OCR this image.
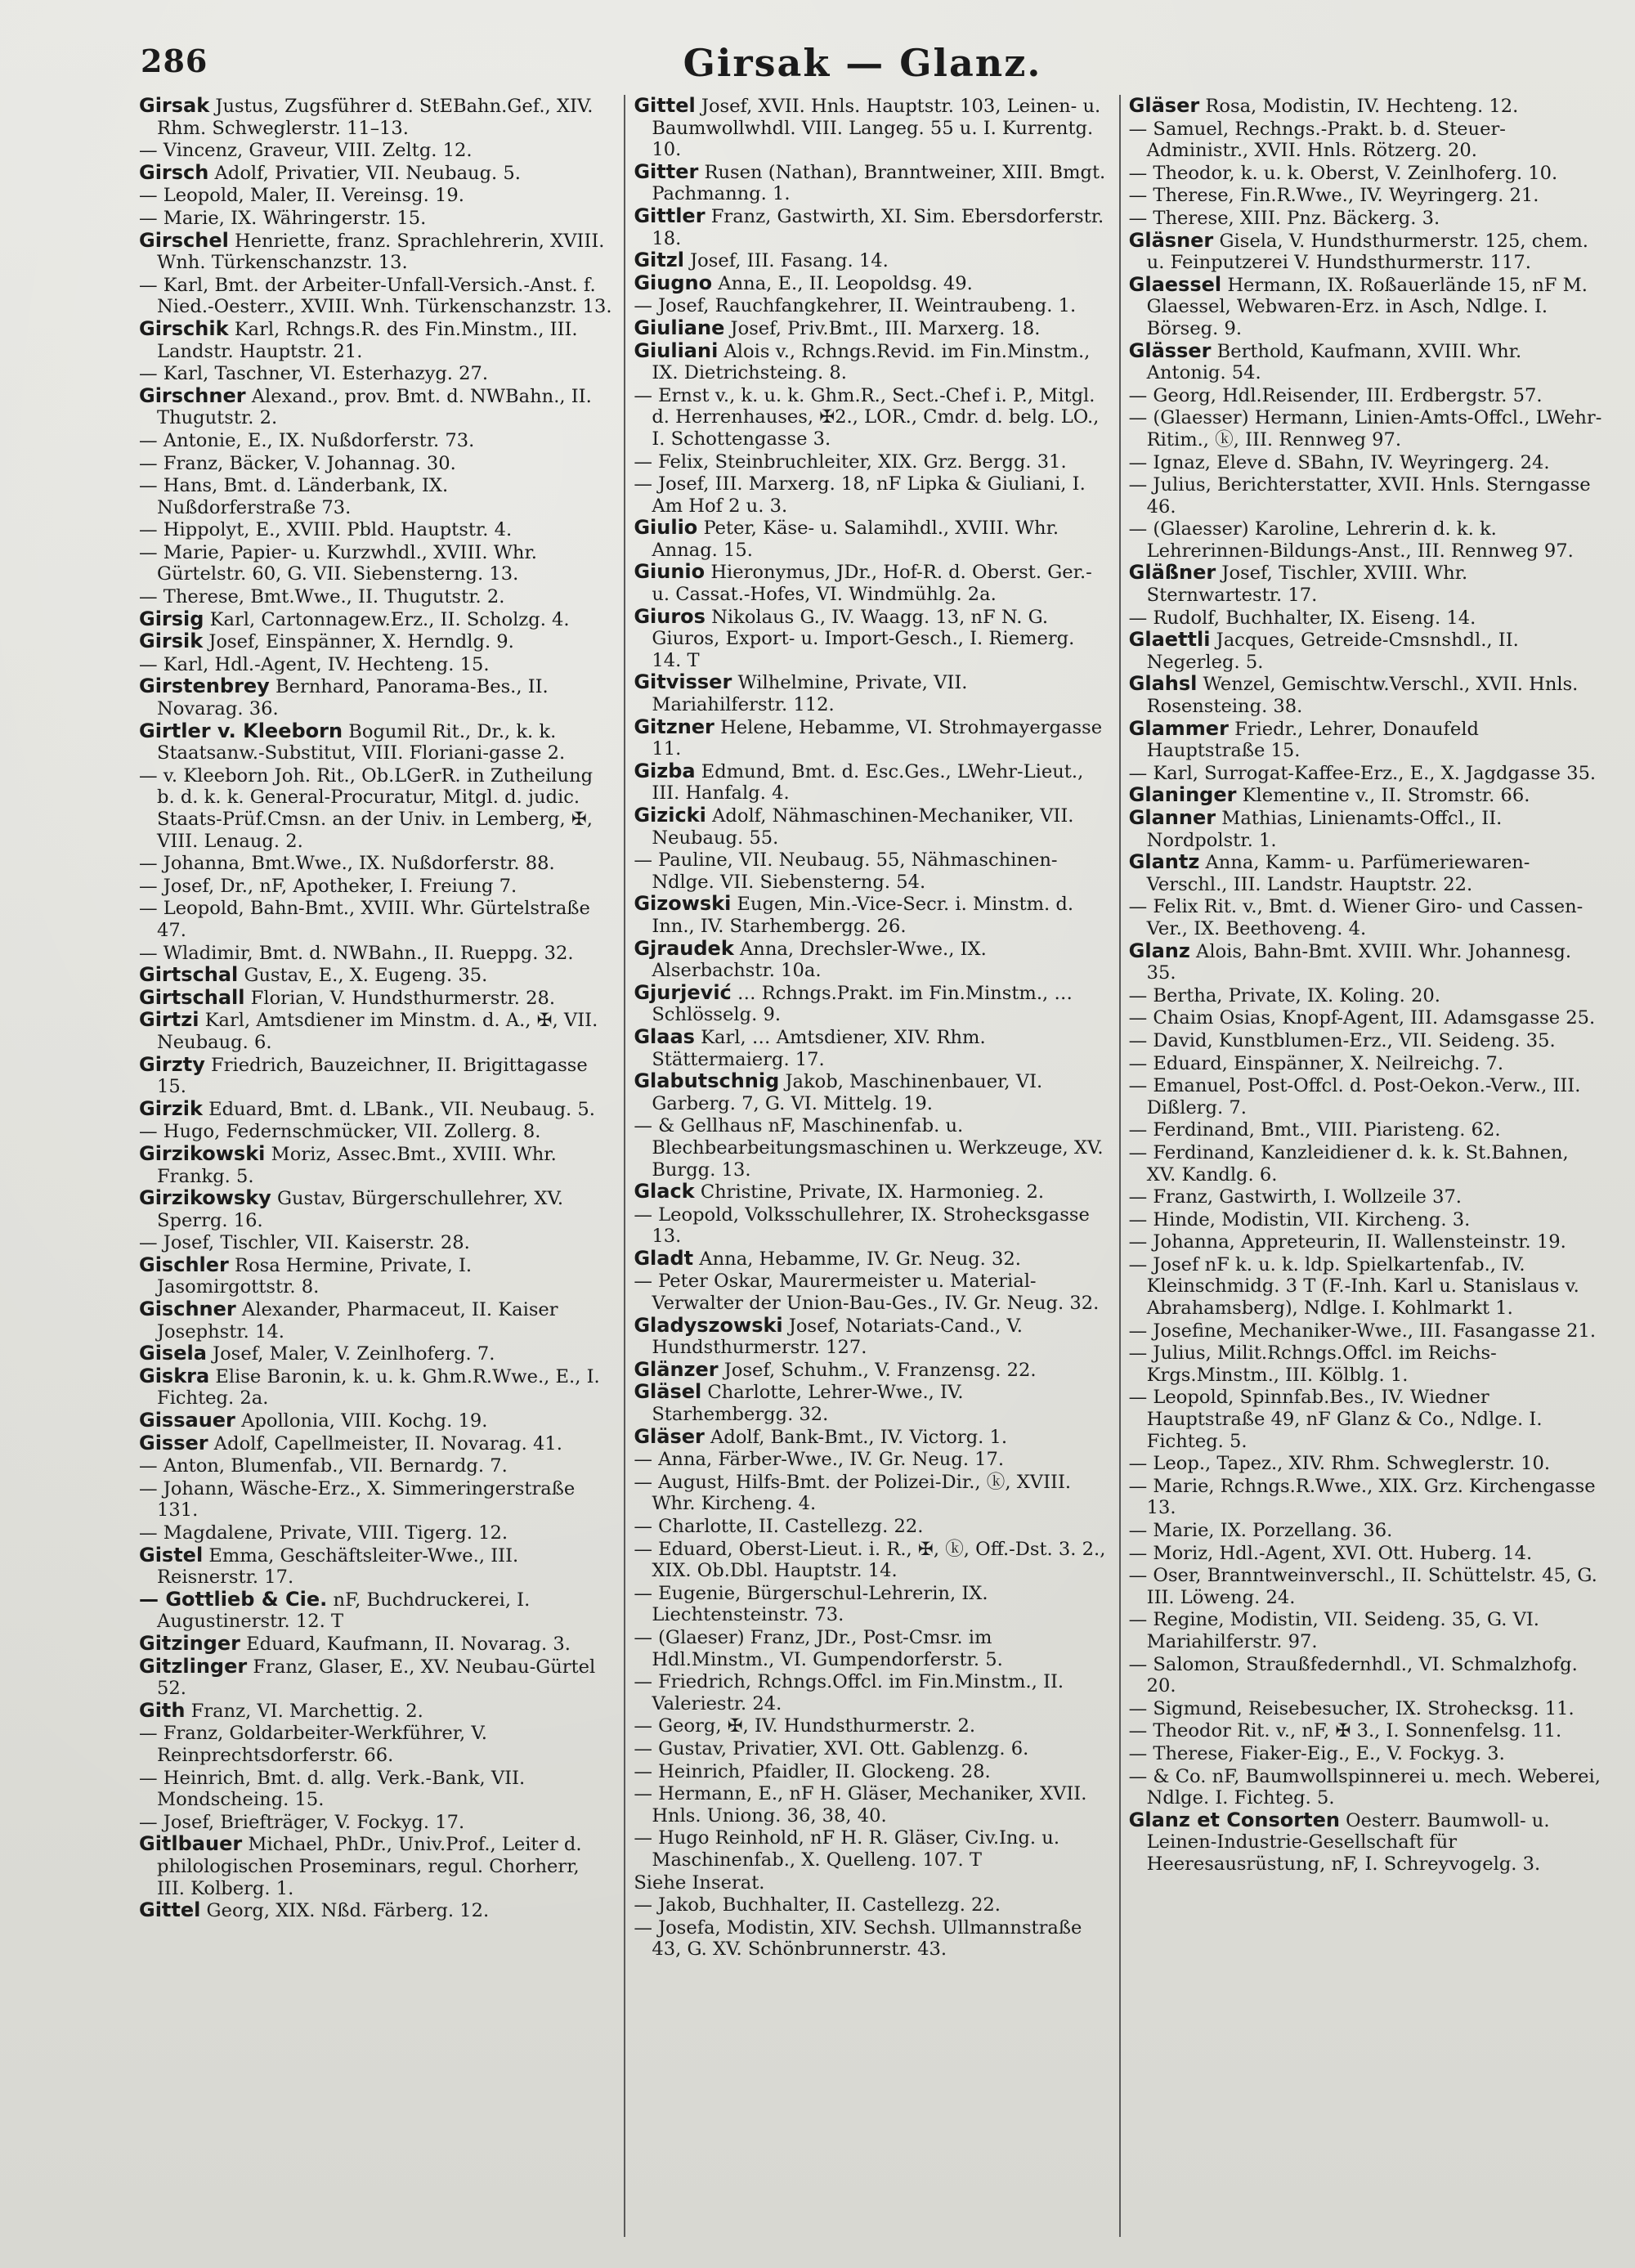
286	Girsak — Glanz.

Girsak Justus, Zugsführer d. StEBahn.Gef., XIV. Rhm. Schweglerstr. 11–13.

— Vincenz, Graveur, VIII. Zeltg. 12.

Girsch Adolf, Privatier, VII. Neubaug. 5.

— Leopold, Maler, II. Vereinsg. 19.

— Marie, IX. Währingerstr. 15.

Girschel Henriette, franz. Sprachlehrerin, XVIII. Wnh. Türkenschanzstr. 13.

— Karl, Bmt. der Arbeiter-Unfall-Versich.-Anst. f. Nied.-Oesterr., XVIII. Wnh. Türkenschanzstr. 13.

Girschik Karl, Rchngs.R. des Fin.Minstm., III. Landstr. Hauptstr. 21.

— Karl, Taschner, VI. Esterhazyg. 27.

Girschner Alexand., prov. Bmt. d. NWBahn., II. Thugutstr. 2.

— Antonie, E., IX. Nußdorferstr. 73.

— Franz, Bäcker, V. Johannag. 30.

— Hans, Bmt. d. Länderbank, IX. Nußdorferstraße 73.

— Hippolyt, E., XVIII. Pbld. Hauptstr. 4.

— Marie, Papier- u. Kurzwhdl., XVIII. Whr. Gürtelstr. 60, G. VII. Siebensterng. 13.

— Therese, Bmt.Wwe., II. Thugutstr. 2.

Girsig Karl, Cartonnagew.Erz., II. Scholzg. 4.

Girsik Josef, Einspänner, X. Herndlg. 9.

— Karl, Hdl.-Agent, IV. Hechteng. 15.

Girstenbrey Bernhard, Panorama-Bes., II. Novarag. 36.

Girtler v. Kleeborn Bogumil Rit., Dr., k. k. Staatsanw.-Substitut, VIII. Floriani-gasse 2.

— v. Kleeborn Joh. Rit., Ob.LGerR. in Zutheilung b. d. k. k. General-Procuratur, Mitgl. d. judic. Staats-Prüf.Cmsn. an der Univ. in Lemberg, ✠, VIII. Lenaug. 2.

— Johanna, Bmt.Wwe., IX. Nußdorferstr. 88.

— Josef, Dr., nF, Apotheker, I. Freiung 7.

— Leopold, Bahn-Bmt., XVIII. Whr. Gürtelstraße 47.

— Wladimir, Bmt. d. NWBahn., II. Rueppg. 32.

Girtschal Gustav, E., X. Eugeng. 35.

Girtschall Florian, V. Hundsthurmerstr. 28.

Girtzi Karl, Amtsdiener im Minstm. d. A., ✠, VII. Neubaug. 6.

Girzty Friedrich, Bauzeichner, II. Brigittagasse 15.

Girzik Eduard, Bmt. d. LBank., VII. Neubaug. 5.

— Hugo, Federnschmücker, VII. Zollerg. 8.

Girzikowski Moriz, Assec.Bmt., XVIII. Whr. Frankg. 5.

Girzikowsky Gustav, Bürgerschullehrer, XV. Sperrg. 16.

— Josef, Tischler, VII. Kaiserstr. 28.

Gischler Rosa Hermine, Private, I. Jasomirgottstr. 8.

Gischner Alexander, Pharmaceut, II. Kaiser Josephstr. 14.

Gisela Josef, Maler, V. Zeinlhoferg. 7.

Giskra Elise Baronin, k. u. k. Ghm.R.Wwe., E., I. Fichteg. 2a.

Gissauer Apollonia, VIII. Kochg. 19.

Gisser Adolf, Capellmeister, II. Novarag. 41.

— Anton, Blumenfab., VII. Bernardg. 7.

— Johann, Wäsche-Erz., X. Simmeringerstraße 131.

— Magdalene, Private, VIII. Tigerg. 12.

Gistel Emma, Geschäftsleiter-Wwe., III. Reisnerstr. 17.

— Gottlieb & Cie. nF, Buchdruckerei, I. Augustinerstr. 12. T

Gitzinger Eduard, Kaufmann, II. Novarag. 3.

Gitzlinger Franz, Glaser, E., XV. Neubau-Gürtel 52.

Gith Franz, VI. Marchettig. 2.

— Franz, Goldarbeiter-Werkführer, V. Reinprechtsdorferstr. 66.

— Heinrich, Bmt. d. allg. Verk.-Bank, VII. Mondscheing. 15.

— Josef, Briefträger, V. Fockyg. 17.

Gitlbauer Michael, PhDr., Univ.Prof., Leiter d. philologischen Proseminars, regul. Chorherr, III. Kolberg. 1.

Gittel Georg, XIX. Nßd. Färberg. 12.

Gittel Josef, XVII. Hnls. Hauptstr. 103, Leinen- u. Baumwollwhdl. VIII. Langeg. 55 u. I. Kurrentg. 10.

Gitter Rusen (Nathan), Branntweiner, XIII. Bmgt. Pachmanng. 1.

Gittler Franz, Gastwirth, XI. Sim. Ebersdorferstr. 18.

Gitzl Josef, III. Fasang. 14.

Giugno Anna, E., II. Leopoldsg. 49.

— Josef, Rauchfangkehrer, II. Weintraubeng. 1.

Giuliane Josef, Priv.Bmt., III. Marxerg. 18.

Giuliani Alois v., Rchngs.Revid. im Fin.Minstm., IX. Dietrichsteing. 8.

— Ernst v., k. u. k. Ghm.R., Sect.-Chef i. P., Mitgl. d. Herrenhauses, ✠2., LOR., Cmdr. d. belg. LO., I. Schottengasse 3.

— Felix, Steinbruchleiter, XIX. Grz. Bergg. 31.

— Josef, III. Marxerg. 18, nF Lipka & Giuliani, I. Am Hof 2 u. 3.

Giulio Peter, Käse- u. Salamihdl., XVIII. Whr. Annag. 15.

Giunio Hieronymus, JDr., Hof-R. d. Oberst. Ger.- u. Cassat.-Hofes, VI. Windmühlg. 2a.

Giuros Nikolaus G., IV. Waagg. 13, nF N. G. Giuros, Export- u. Import-Gesch., I. Riemerg. 14. T

Gitvisser Wilhelmine, Private, VII. Mariahilferstr. 112.

Gitzner Helene, Hebamme, VI. Strohmayergasse 11.

Gizba Edmund, Bmt. d. Esc.Ges., LWehr-Lieut., III. Hanfalg. 4.

Gizicki Adolf, Nähmaschinen-Mechaniker, VII. Neubaug. 55.

— Pauline, VII. Neubaug. 55, Nähmaschinen-Ndlge. VII. Siebensterng. 54.

Gizowski Eugen, Min.-Vice-Secr. i. Minstm. d. Inn., IV. Starhembergg. 26.

Gjraudek Anna, Drechsler-Wwe., IX. Alserbachstr. 10a.

Gjurjević … Rchngs.Prakt. im Fin.Minstm., … Schlösselg. 9.

Glaas Karl, … Amtsdiener, XIV. Rhm. Stättermaierg. 17.

Glabutschnig Jakob, Maschinenbauer, VI. Garberg. 7, G. VI. Mittelg. 19.

— & Gellhaus nF, Maschinenfab. u. Blechbearbeitungsmaschinen u. Werkzeuge, XV. Burgg. 13.

Glack Christine, Private, IX. Harmonieg. 2.

— Leopold, Volksschullehrer, IX. Strohecksgasse 13.

Gladt Anna, Hebamme, IV. Gr. Neug. 32.

— Peter Oskar, Maurermeister u. Material-Verwalter der Union-Bau-Ges., IV. Gr. Neug. 32.

Gladyszowski Josef, Notariats-Cand., V. Hundsthurmerstr. 127.

Glänzer Josef, Schuhm., V. Franzensg. 22.

Gläsel Charlotte, Lehrer-Wwe., IV. Starhembergg. 32.

Gläser Adolf, Bank-Bmt., IV. Victorg. 1.

— Anna, Färber-Wwe., IV. Gr. Neug. 17.

— August, Hilfs-Bmt. der Polizei-Dir., ⓚ, XVIII. Whr. Kircheng. 4.

— Charlotte, II. Castellezg. 22.

— Eduard, Oberst-Lieut. i. R., ✠, ⓚ, Off.-Dst. 3. 2., XIX. Ob.Dbl. Hauptstr. 14.

— Eugenie, Bürgerschul-Lehrerin, IX. Liechtensteinstr. 73.

— (Glaeser) Franz, JDr., Post-Cmsr. im Hdl.Minstm., VI. Gumpendorferstr. 5.

— Friedrich, Rchngs.Offcl. im Fin.Minstm., II. Valeriestr. 24.

— Georg, ✠, IV. Hundsthurmerstr. 2.

— Gustav, Privatier, XVI. Ott. Gablenzg. 6.

— Heinrich, Pfaidler, II. Glockeng. 28.

— Hermann, E., nF H. Gläser, Mechaniker, XVII. Hnls. Uniong. 36, 38, 40.

— Hugo Reinhold, nF H. R. Gläser, Civ.Ing. u. Maschinenfab., X. Quelleng. 107. T

Siehe Inserat.

— Jakob, Buchhalter, II. Castellezg. 22.

— Josefa, Modistin, XIV. Sechsh. Ullmannstraße 43, G. XV. Schönbrunnerstr. 43.

Gläser Rosa, Modistin, IV. Hechteng. 12.

— Samuel, Rechngs.-Prakt. b. d. Steuer-Administr., XVII. Hnls. Rötzerg. 20.

— Theodor, k. u. k. Oberst, V. Zeinlhoferg. 10.

— Therese, Fin.R.Wwe., IV. Weyringerg. 21.

— Therese, XIII. Pnz. Bäckerg. 3.

Gläsner Gisela, V. Hundsthurmerstr. 125, chem. u. Feinputzerei V. Hundsthurmerstr. 117.

Glaessel Hermann, IX. Roßauerlände 15, nF M. Glaessel, Webwaren-Erz. in Asch, Ndlge. I. Börseg. 9.

Glässer Berthold, Kaufmann, XVIII. Whr. Antonig. 54.

— Georg, Hdl.Reisender, III. Erdbergstr. 57.

— (Glaesser) Hermann, Linien-Amts-Offcl., LWehr-Ritim., ⓚ, III. Rennweg 97.

— Ignaz, Eleve d. SBahn, IV. Weyringerg. 24.

— Julius, Berichterstatter, XVII. Hnls. Sterngasse 46.

— (Glaesser) Karoline, Lehrerin d. k. k. Lehrerinnen-Bildungs-Anst., III. Rennweg 97.

Gläßner Josef, Tischler, XVIII. Whr. Sternwartestr. 17.

— Rudolf, Buchhalter, IX. Eiseng. 14.

Glaettli Jacques, Getreide-Cmsnshdl., II. Negerleg. 5.

Glahsl Wenzel, Gemischtw.Verschl., XVII. Hnls. Rosensteing. 38.

Glammer Friedr., Lehrer, Donaufeld Hauptstraße 15.

— Karl, Surrogat-Kaffee-Erz., E., X. Jagdgasse 35.

Glaninger Klementine v., II. Stromstr. 66.

Glanner Mathias, Linienamts-Offcl., II. Nordpolstr. 1.

Glantz Anna, Kamm- u. Parfümeriewaren-Verschl., III. Landstr. Hauptstr. 22.

— Felix Rit. v., Bmt. d. Wiener Giro- und Cassen-Ver., IX. Beethoveng. 4.

Glanz Alois, Bahn-Bmt. XVIII. Whr. Johannesg. 35.

— Bertha, Private, IX. Koling. 20.

— Chaim Osias, Knopf-Agent, III. Adamsgasse 25.

— David, Kunstblumen-Erz., VII. Seideng. 35.

— Eduard, Einspänner, X. Neilreichg. 7.

— Emanuel, Post-Offcl. d. Post-Oekon.-Verw., III. Dißlerg. 7.

— Ferdinand, Bmt., VIII. Piaristeng. 62.

— Ferdinand, Kanzleidiener d. k. k. St.Bahnen, XV. Kandlg. 6.

— Franz, Gastwirth, I. Wollzeile 37.

— Hinde, Modistin, VII. Kircheng. 3.

— Johanna, Appreteurin, II. Wallensteinstr. 19.

— Josef nF k. u. k. ldp. Spielkartenfab., IV. Kleinschmidg. 3 T (F.-Inh. Karl u. Stanislaus v. Abrahamsberg), Ndlge. I. Kohlmarkt 1.

— Josefine, Mechaniker-Wwe., III. Fasangasse 21.

— Julius, Milit.Rchngs.Offcl. im Reichs-Krgs.Minstm., III. Kölblg. 1.

— Leopold, Spinnfab.Bes., IV. Wiedner Hauptstraße 49, nF Glanz & Co., Ndlge. I. Fichteg. 5.

— Leop., Tapez., XIV. Rhm. Schweglerstr. 10.

— Marie, Rchngs.R.Wwe., XIX. Grz. Kirchengasse 13.

— Marie, IX. Porzellang. 36.

— Moriz, Hdl.-Agent, XVI. Ott. Huberg. 14.

— Oser, Branntweinverschl., II. Schüttelstr. 45, G. III. Löweng. 24.

— Regine, Modistin, VII. Seideng. 35, G. VI. Mariahilferstr. 97.

— Salomon, Straußfedernhdl., VI. Schmalzhofg. 20.

— Sigmund, Reisebesucher, IX. Strohecksg. 11.

— Theodor Rit. v., nF, ✠ 3., I. Sonnenfelsg. 11.

— Therese, Fiaker-Eig., E., V. Fockyg. 3.

— & Co. nF, Baumwollspinnerei u. mech. Weberei, Ndlge. I. Fichteg. 5.

Glanz et Consorten Oesterr. Baumwoll- u. Leinen-Industrie-Gesellschaft für Heeresausrüstung, nF, I. Schreyvogelg. 3.
